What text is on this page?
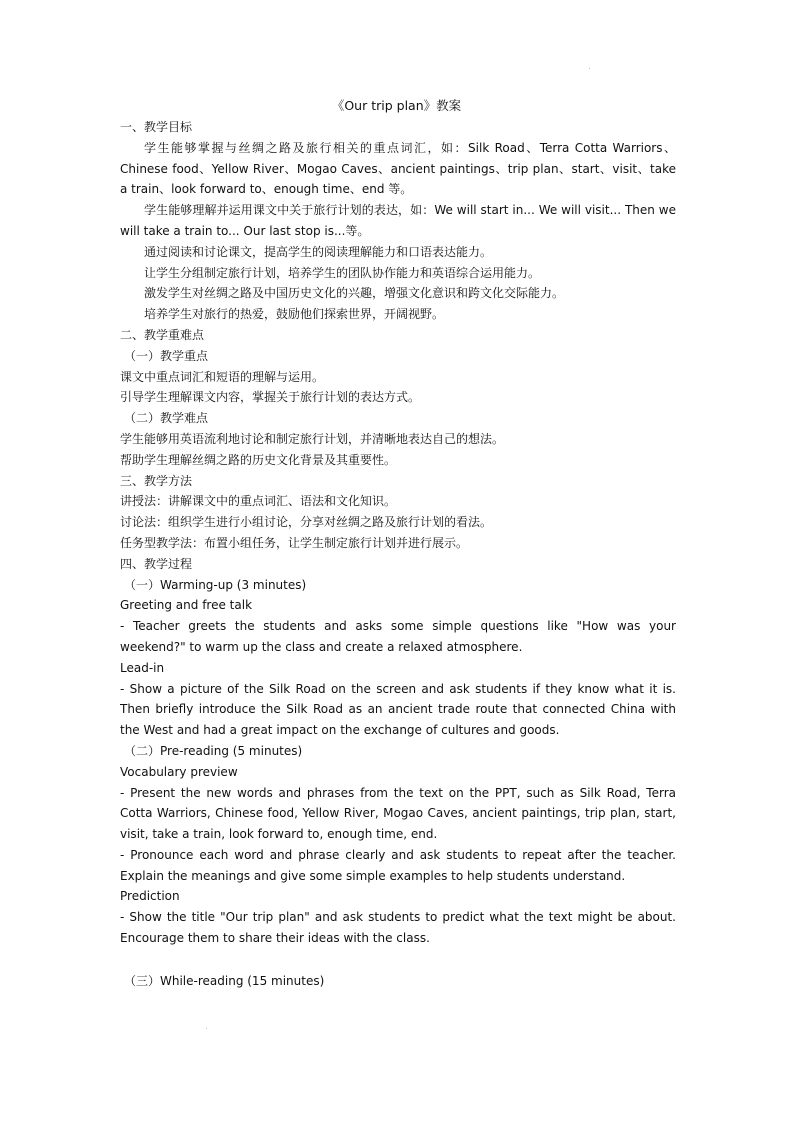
《Our trip plan》教案
一、教学目标
学生能够掌握与丝绸之路及旅行相关的重点词汇，如：Silk Road、Terra Cotta Warriors、Chinese food、Yellow River、Mogao Caves、ancient paintings、trip plan、start、visit、take a train、look forward to、enough time、end 等。
学生能够理解并运用课文中关于旅行计划的表达，如：We will start in... We will visit... Then we will take a train to... Our last stop is...等。
通过阅读和讨论课文，提高学生的阅读理解能力和口语表达能力。
让学生分组制定旅行计划，培养学生的团队协作能力和英语综合运用能力。
激发学生对丝绸之路及中国历史文化的兴趣，增强文化意识和跨文化交际能力。
培养学生对旅行的热爱，鼓励他们探索世界，开阔视野。
二、教学重难点
（一）教学重点
课文中重点词汇和短语的理解与运用。
引导学生理解课文内容，掌握关于旅行计划的表达方式。
（二）教学难点
学生能够用英语流利地讨论和制定旅行计划，并清晰地表达自己的想法。
帮助学生理解丝绸之路的历史文化背景及其重要性。
三、教学方法
讲授法：讲解课文中的重点词汇、语法和文化知识。
讨论法：组织学生进行小组讨论，分享对丝绸之路及旅行计划的看法。
任务型教学法：布置小组任务，让学生制定旅行计划并进行展示。
四、教学过程
（一）Warming-up (3 minutes)
Greeting and free talk
- Teacher greets the students and asks some simple questions like "How was your weekend?" to warm up the class and create a relaxed atmosphere.
Lead-in
- Show a picture of the Silk Road on the screen and ask students if they know what it is. Then briefly introduce the Silk Road as an ancient trade route that connected China with the West and had a great impact on the exchange of cultures and goods.
（二）Pre-reading (5 minutes)
Vocabulary preview
- Present the new words and phrases from the text on the PPT, such as Silk Road, Terra Cotta Warriors, Chinese food, Yellow River, Mogao Caves, ancient paintings, trip plan, start, visit, take a train, look forward to, enough time, end.
- Pronounce each word and phrase clearly and ask students to repeat after the teacher. Explain the meanings and give some simple examples to help students understand.
Prediction
- Show the title "Our trip plan" and ask students to predict what the text might be about. Encourage them to share their ideas with the class.
（三）While-reading (15 minutes)
